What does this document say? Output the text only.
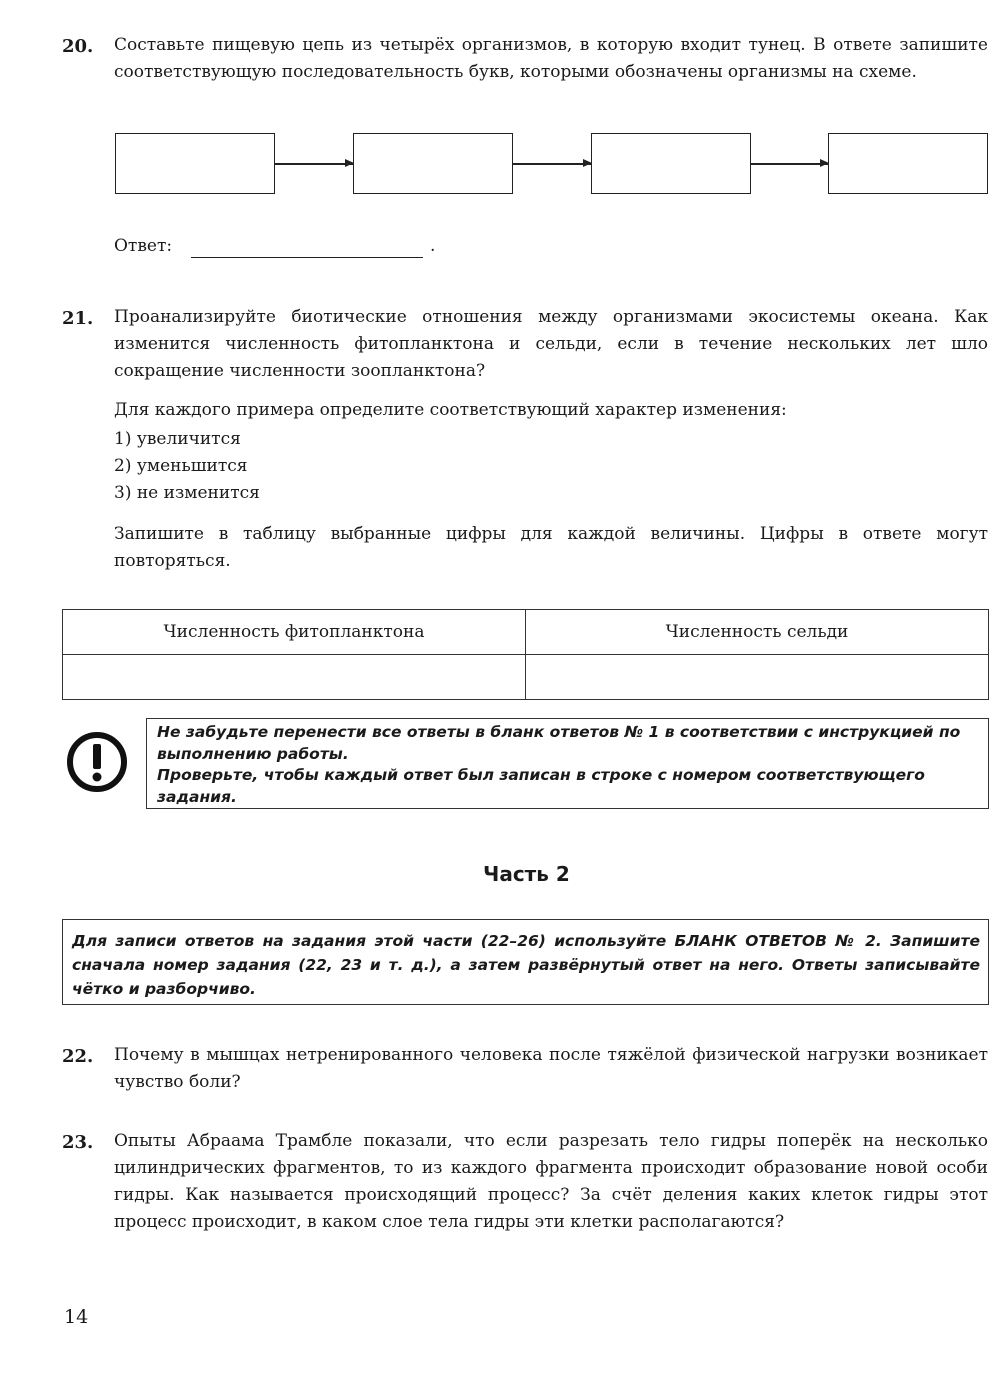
20. Составьте пищевую цепь из четырёх организмов, в которую входит тунец. В ответе запишите соответствующую последовательность букв, которыми обозначены организмы на схеме.
Ответ:	.
21. Проанализируйте биотические отношения между организмами экосистемы океана. Как изменится численность фитопланктона и сельди, если в течение нескольких лет шло сокращение численности зоопланктона?
Для каждого примера определите соответствующий характер изменения:
1) увеличится
2) уменьшится
3) не изменится
Запишите в таблицу выбранные цифры для каждой величины. Цифры в ответе могут повторяться.
Численность фитопланктона	Численность сельди

Не забудьте перенести все ответы в бланк ответов № 1 в соответствии с инструкцией по выполнению работы.
Проверьте, чтобы каждый ответ был записан в строке с номером соответствующего задания.
Часть 2
Для записи ответов на задания этой части (22–26) используйте БЛАНК ОТВЕТОВ № 2. Запишите сначала номер задания (22, 23 и т. д.), а затем развёрнутый ответ на него. Ответы записывайте чётко и разборчиво.
22. Почему в мышцах нетренированного человека после тяжёлой физической нагрузки возникает чувство боли?
23. Опыты Абраама Трамбле показали, что если разрезать тело гидры поперёк на несколько цилиндрических фрагментов, то из каждого фрагмента происходит образование новой особи гидры. Как называется происходящий процесс? За счёт деления каких клеток гидры этот процесс происходит, в каком слое тела гидры эти клетки располагаются?
14
